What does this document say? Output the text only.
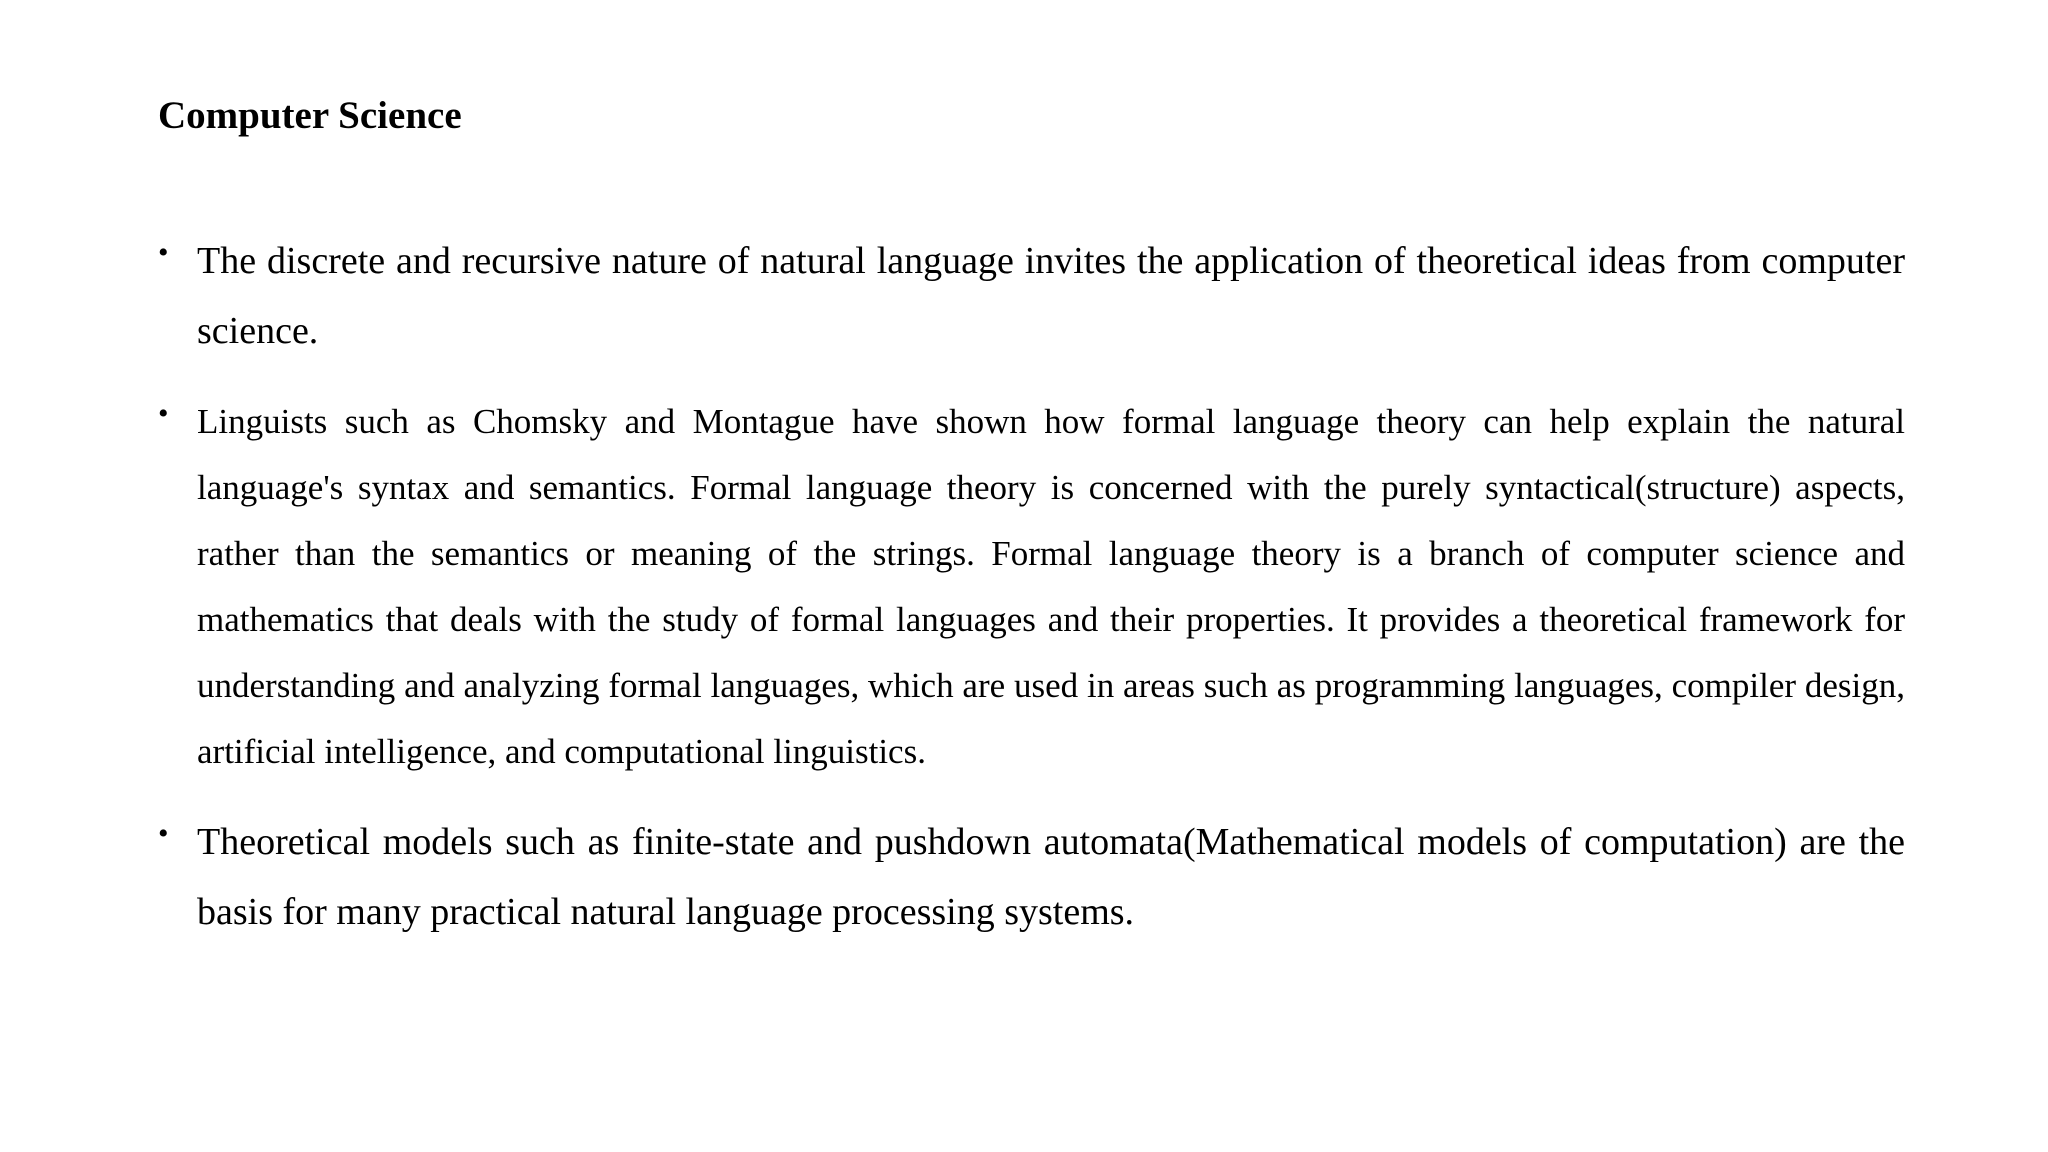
Computer Science
• The discrete and recursive nature of natural language invites the application of theoretical ideas from computer science.
• Linguists such as Chomsky and Montague have shown how formal language theory can help explain the natural language's syntax and semantics. Formal language theory is concerned with the purely syntactical(structure) aspects, rather than the semantics or meaning of the strings. Formal language theory is a branch of computer science and mathematics that deals with the study of formal languages and their properties. It provides a theoretical framework for understanding and analyzing formal languages, which are used in areas such as programming languages, compiler design, artificial intelligence, and computational linguistics.
• Theoretical models such as finite-state and pushdown automata(Mathematical models of computation) are the basis for many practical natural language processing systems.
